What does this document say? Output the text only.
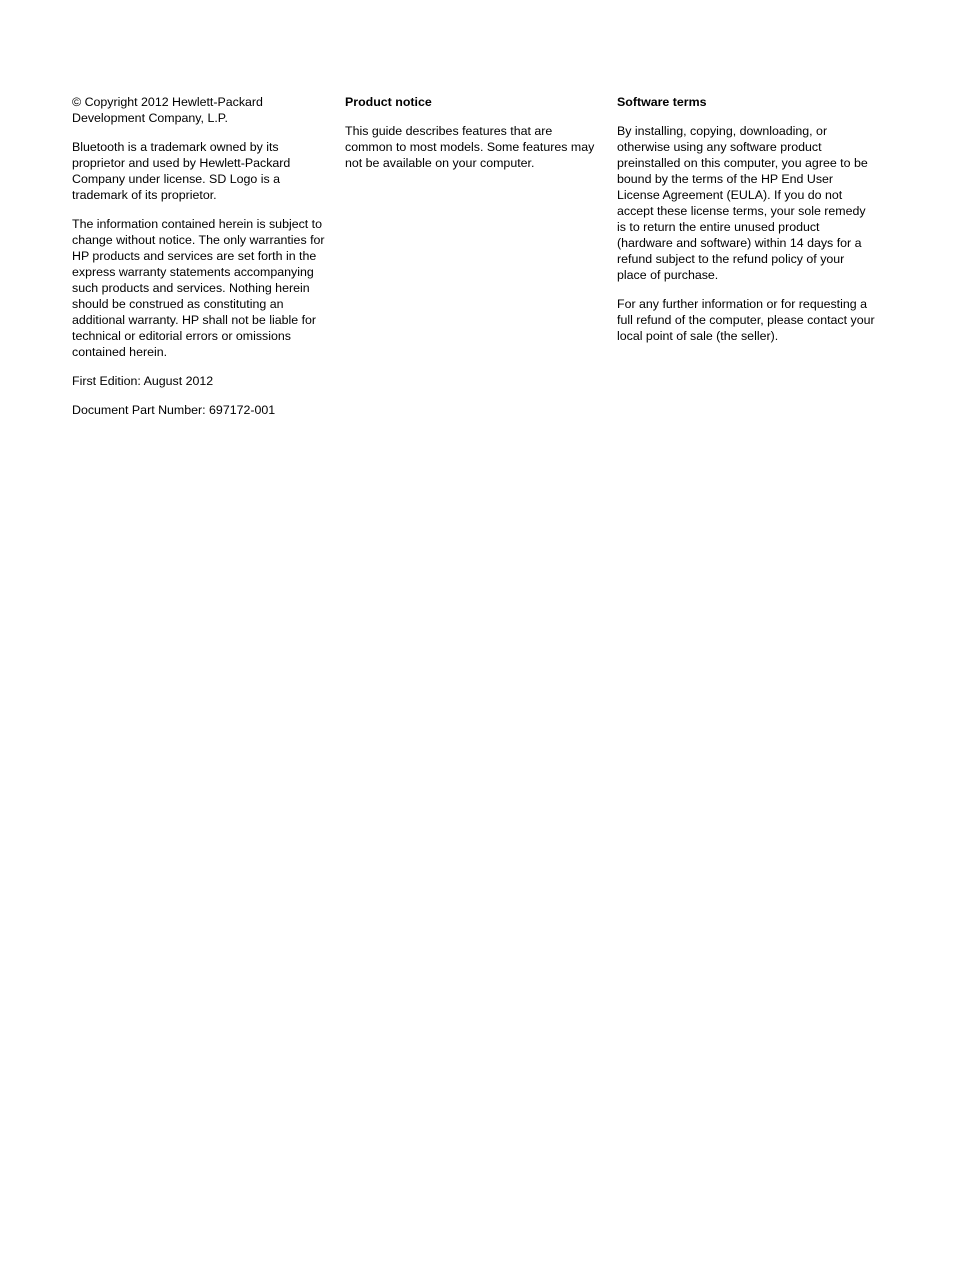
© Copyright 2012 Hewlett-Packard Development Company, L.P.

Bluetooth is a trademark owned by its proprietor and used by Hewlett-Packard Company under license. SD Logo is a trademark of its proprietor.

The information contained herein is subject to change without notice. The only warranties for HP products and services are set forth in the express warranty statements accompanying such products and services. Nothing herein should be construed as constituting an additional warranty. HP shall not be liable for technical or editorial errors or omissions contained herein.

First Edition: August 2012

Document Part Number: 697172-001

Product notice

This guide describes features that are common to most models. Some features may not be available on your computer.

Software terms

By installing, copying, downloading, or otherwise using any software product preinstalled on this computer, you agree to be bound by the terms of the HP End User License Agreement (EULA). If you do not accept these license terms, your sole remedy is to return the entire unused product (hardware and software) within 14 days for a refund subject to the refund policy of your place of purchase.

For any further information or for requesting a full refund of the computer, please contact your local point of sale (the seller).
